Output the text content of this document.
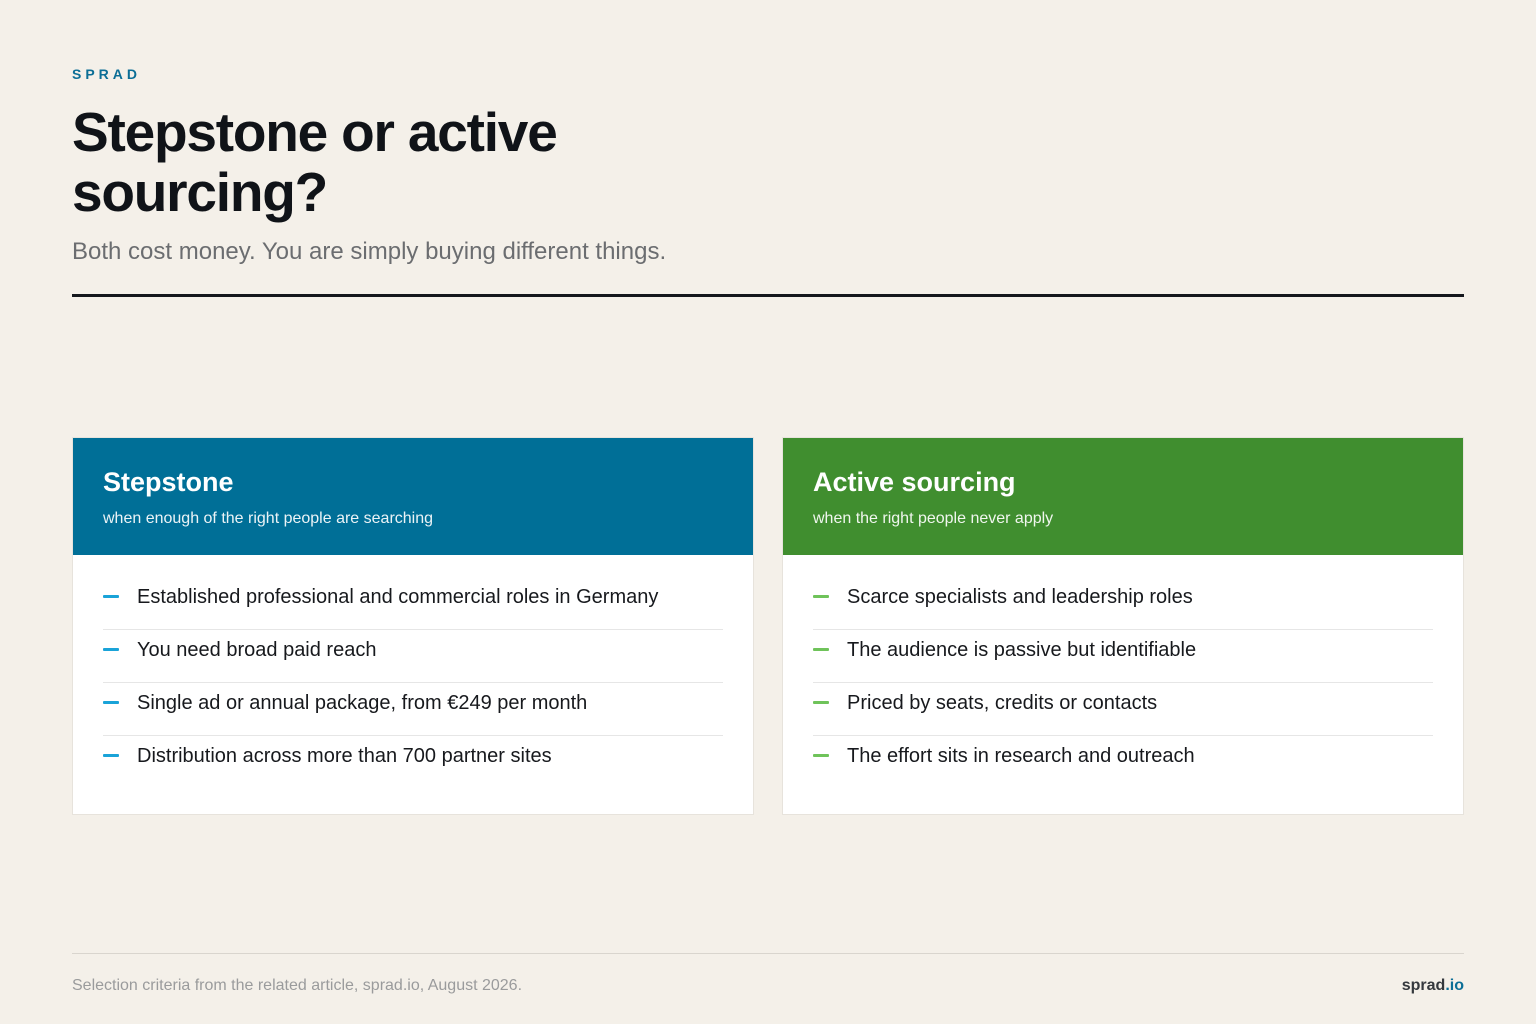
SPRAD
Stepstone or active sourcing?
Both cost money. You are simply buying different things.
Stepstone
when enough of the right people are searching
Established professional and commercial roles in Germany
You need broad paid reach
Single ad or annual package, from €249 per month
Distribution across more than 700 partner sites
Active sourcing
when the right people never apply
Scarce specialists and leadership roles
The audience is passive but identifiable
Priced by seats, credits or contacts
The effort sits in research and outreach
Selection criteria from the related article, sprad.io, August 2026.	sprad.io
